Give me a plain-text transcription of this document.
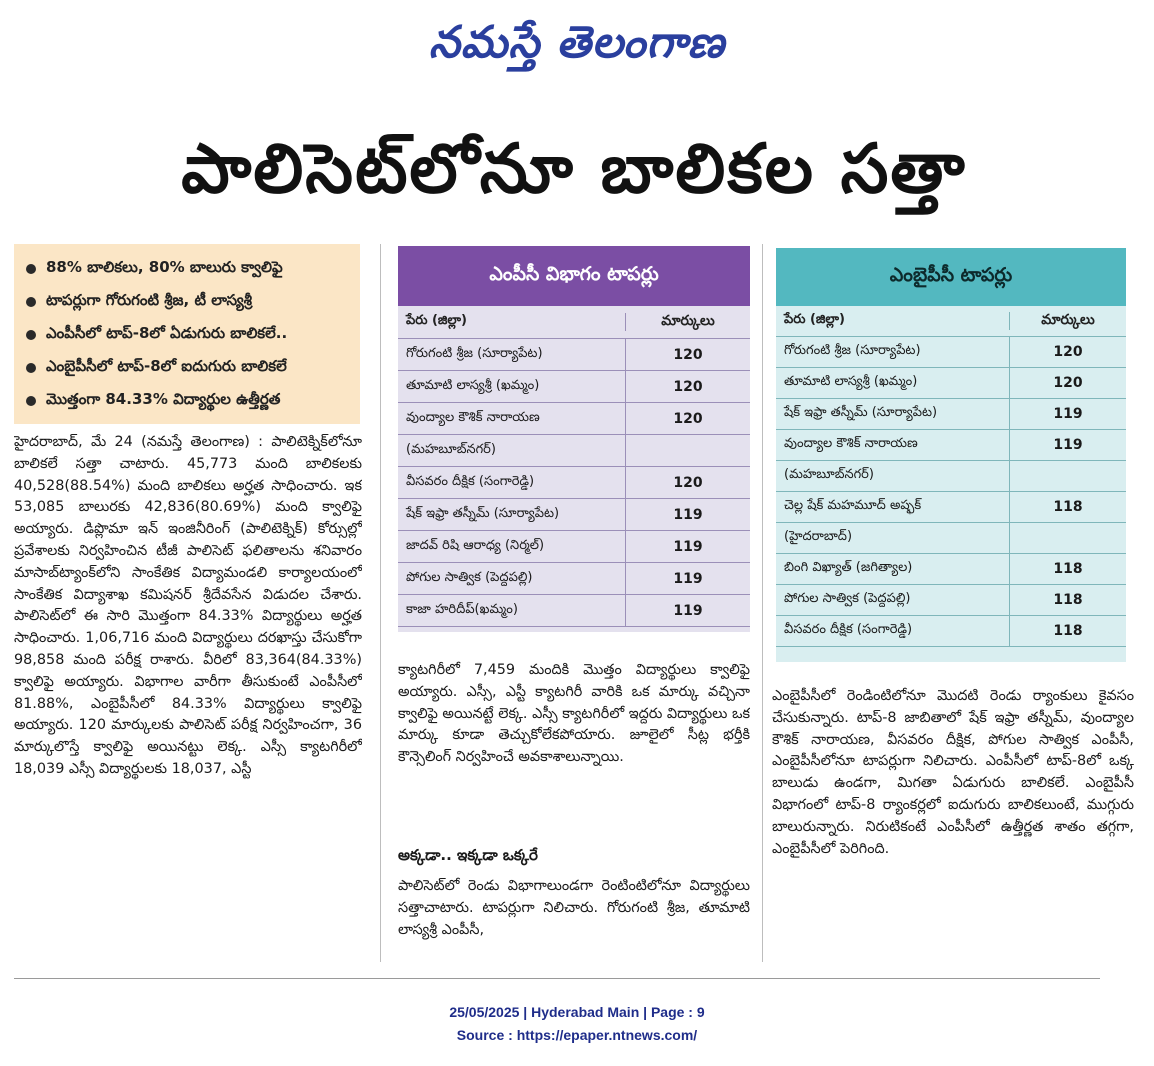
నమస్తే తెలంగాణ
పాలిసెట్‌లోనూ బాలికల సత్తా
88% బాలికలు, 80% బాలురు క్వాలిఫై
టాపర్లుగా గోరుగంటి శ్రీజ, టీ లాస్యశ్రీ
ఎంపీసీలో టాప్‌-8లో ఏడుగురు బాలికలే..
ఎంబైపీసీలో టాప్‌-8లో ఐదుగురు బాలికలే
మొత్తంగా 84.33% విద్యార్థుల ఉత్తీర్ణత
హైదరాబాద్‌, మే 24 (నమస్తే తెలంగాణ) : పాలిటెక్నిక్‌లోనూ బాలికలే సత్తా చాటారు. 45,773 మంది బాలికలకు 40,528(88.54%) మంది బాలికలు అర్హత సాధించారు. ఇక 53,085 బాలురకు 42,836(80.69%) మంది క్వాలిఫై అయ్యారు. డిప్లొమా ఇన్‌ ఇంజినీరింగ్‌ (పాలిటెక్నిక్‌) కోర్సుల్లో ప్రవేశాలకు నిర్వహించిన టీజీ పాలిసెట్‌ ఫలితాలను శనివారం మాసాబ్‌ట్యాంక్‌లోని సాంకేతిక విద్యామండలి కార్యాలయంలో సాంకేతిక విద్యాశాఖ కమిషనర్‌ శ్రీదేవసేన విడుదల చేశారు. పాలిసెట్‌లో ఈ సారి మొత్తంగా 84.33% విద్యార్థులు అర్హత సాధించారు. 1,06,716 మంది విద్యార్థులు దరఖాస్తు చేసుకోగా 98,858 మంది పరీక్ష రాశారు. వీరిలో 83,364(84.33%) క్వాలిఫై అయ్యారు. విభాగాల వారీగా తీసుకుంటే ఎంపీసీలో 81.88%, ఎంబైపీసీలో 84.33% విద్యార్థులు క్వాలిఫై అయ్యారు. 120 మార్కులకు పాలిసెట్‌ పరీక్ష నిర్వహించగా, 36 మార్కులొస్తే క్వాలిఫై అయినట్టు లెక్క. ఎస్సీ క్యాటగిరీలో 18,039 ఎస్సీ విద్యార్థులకు 18,037, ఎస్టీ
ఎంపీసీ విభాగం టాపర్లు
పేరు (జిల్లా)	మార్కులు
గోరుగంటి శ్రీజ (సూర్యాపేట)	120
తూమాటి లాస్యశ్రీ (ఖమ్మం)	120
వుంద్యాల కౌశిక్‌ నారాయణ	120
(మహబూబ్‌నగర్‌)
వీసవరం దీక్షిక (సంగారెడ్డి)	120
షేక్‌ ఇఫ్రా తస్నీమ్‌ (సూర్యాపేట)	119
జాదవ్‌ రిషి ఆరాధ్య (నిర్మల్‌)	119
పోగుల సాత్విక (పెద్దపల్లి)	119
కాజా హరిదీప్‌(ఖమ్మం)	119
ఎంబైపీసీ టాపర్లు
పేరు (జిల్లా)	మార్కులు
గోరుగంటి శ్రీజ (సూర్యాపేట)	120
తూమాటి లాస్యశ్రీ (ఖమ్మం)	120
షేక్‌ ఇఫ్రా తస్నీమ్‌ (సూర్యాపేట)	119
వుంద్యాల కౌశిక్‌ నారాయణ	119
(మహబూబ్‌నగర్‌)
చెల్ల షేక్‌ మహమూద్‌ అష్ఫక్‌	118
(హైదరాబాద్‌)
బింగి విఖ్యాత్‌ (జగిత్యాల)	118
పోగుల సాత్విక (పెద్దపల్లి)	118
వీసవరం దీక్షిక (సంగారెడ్డి)	118
క్యాటగిరీలో 7,459 మందికి మొత్తం విద్యార్థులు క్వాలిఫై అయ్యారు. ఎస్సీ, ఎస్టీ క్యాటగిరీ వారికి ఒక మార్కు వచ్చినా క్వాలిఫై అయినట్టే లెక్క. ఎస్సీ క్యాటగిరీలో ఇద్దరు విద్యార్థులు ఒక మార్కు కూడా తెచ్చుకోలేకపోయారు. జూలైలో సీట్ల భర్తీకి కౌన్సెలింగ్‌ నిర్వహించే అవకాశాలున్నాయి.
అక్కడా.. ఇక్కడా ఒక్కరే
పాలిసెట్‌లో రెండు విభాగాలుండగా రెంటింటిలోనూ విద్యార్థులు సత్తాచాటారు. టాపర్లుగా నిలిచారు. గోరుగంటి శ్రీజ, తూమాటి లాస్యశ్రీ ఎంపీసీ,
ఎంబైపీసీలో రెండింటిలోనూ మొదటి రెండు ర్యాంకులు కైవసం చేసుకున్నారు. టాప్‌-8 జాబితాలో షేక్‌ ఇఫ్రా తస్నీమ్‌, వుంద్యాల కౌశిక్‌ నారాయణ, వీసవరం దీక్షిక, పోగుల సాత్విక ఎంపీసీ, ఎంబైపీసీలోనూ టాపర్లుగా నిలిచారు. ఎంపీసీలో టాప్‌-8లో ఒక్క బాలుడు ఉండగా, మిగతా ఏడుగురు బాలికలే. ఎంబైపీసీ విభాగంలో టాప్‌-8 ర్యాంకర్లలో ఐదుగురు బాలికలుంటే, ముగ్గురు బాలురున్నారు. నిరుటికంటే ఎంపీసీలో ఉత్తీర్ణత శాతం తగ్గగా, ఎంబైపీసీలో పెరిగింది.
25/05/2025 | Hyderabad Main | Page : 9
Source : https://epaper.ntnews.com/
